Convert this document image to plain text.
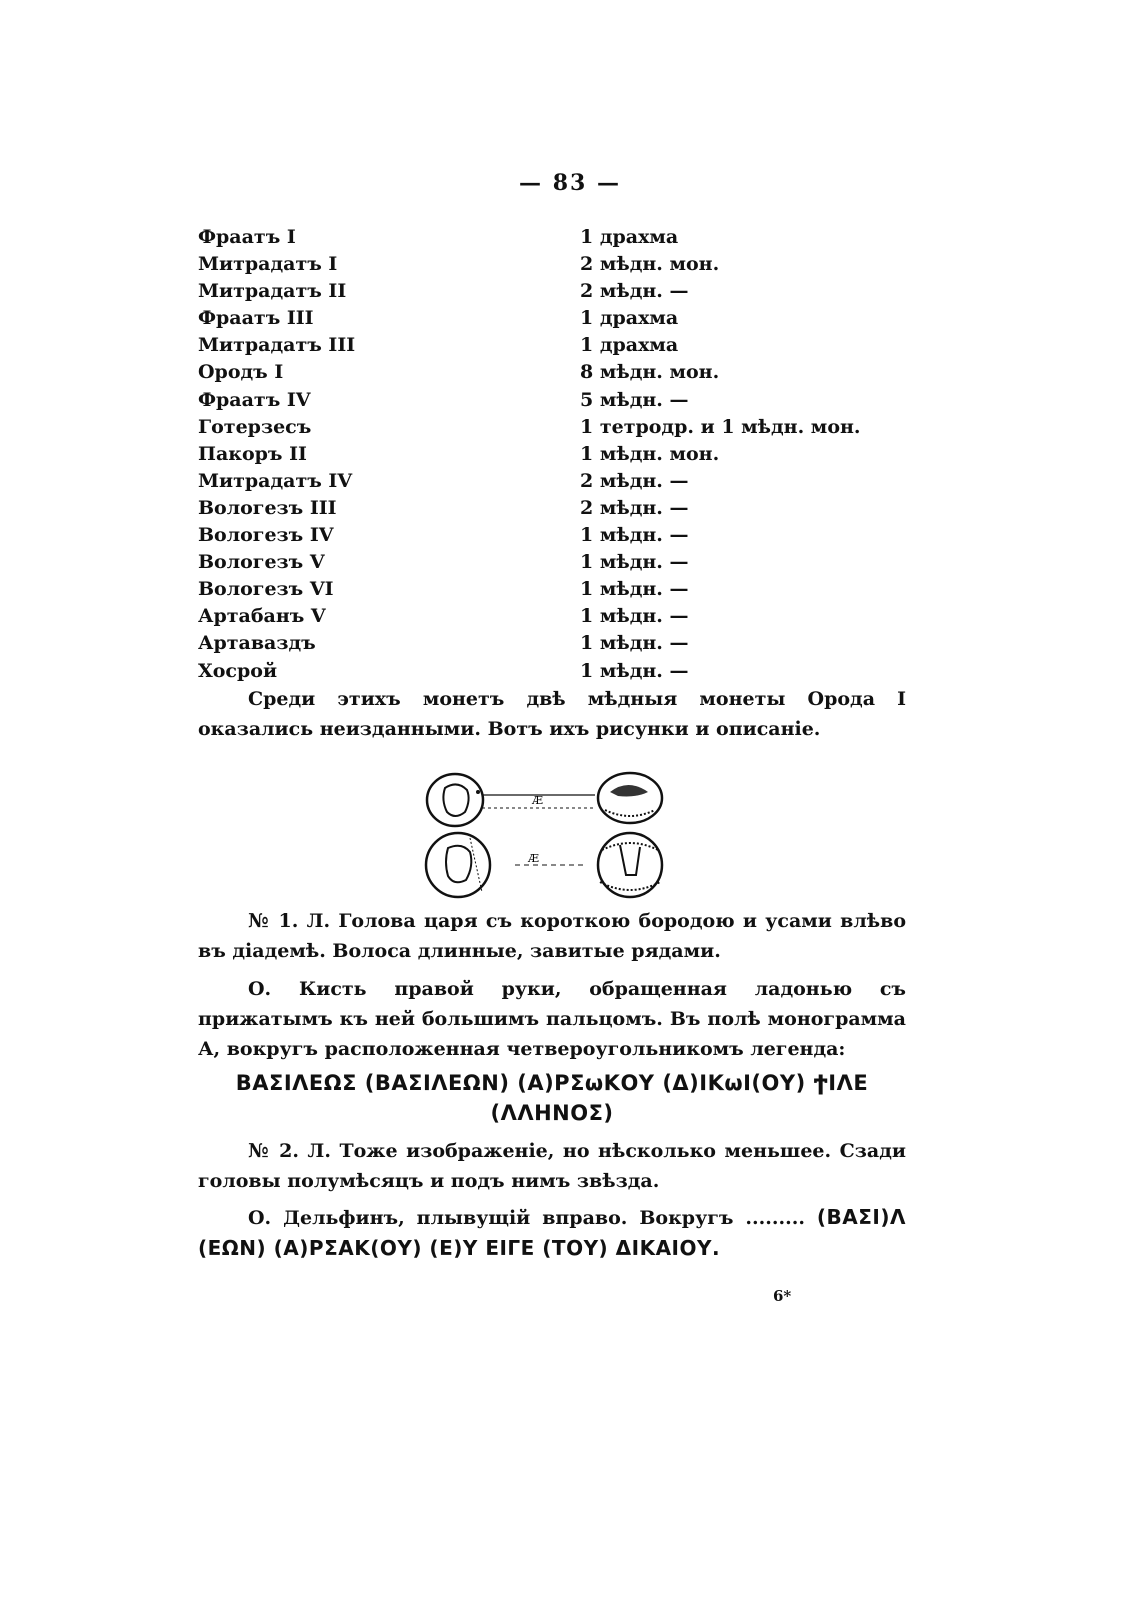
— 83 —
Фраатъ I	1 драхма
Митрадатъ I	2 мѣдн. мон.
Митрадатъ II	2 мѣдн. —
Фраатъ III	1 драхма
Митрадатъ III	1 драхма
Ородъ I	8 мѣдн. мон.
Фраатъ IV	5 мѣдн. —
Готерзесъ	1 тетродр. и 1 мѣдн. мон.
Пакоръ II	1 мѣдн. мон.
Митрадатъ IV	2 мѣдн. —
Вологезъ III	2 мѣдн. —
Вологезъ IV	1 мѣдн. —
Вологезъ V	1 мѣдн. —
Вологезъ VI	1 мѣдн. —
Артабанъ V	1 мѣдн. —
Артаваздъ	1 мѣдн. —
Хосрой	1 мѣдн. —
Среди этихъ монетъ двѣ мѣдныя монеты Орода I оказались неизданными. Вотъ ихъ рисунки и описаніе.
Æ
Æ
№ 1. Л. Голова царя съ короткою бородою и усами влѣво въ діадемѣ. Волоса длинные, завитые рядами.
О. Кисть правой руки, обращенная ладонью съ прижатымъ къ ней большимъ пальцомъ. Въ полѣ монограмма А, вокругъ расположенная четвероугольникомъ легенда:
ΒΑΣΙΛΕΩΣ (ΒΑΣΙΛΕΩΝ) (Α)ΡΣωΚΟΥ (Δ)ΙΚωΙ(ΟΥ) ϮΙΛΕ
(ΛΛΗΝΟΣ)
№ 2. Л. Тоже изображеніе, но нѣсколько меньшее. Сзади головы полумѣсяцъ и подъ нимъ звѣзда.
О. Дельфинъ, плывущій вправо. Вокругъ ......... (ΒΑΣΙ)Λ (ΕΩΝ) (Α)ΡΣΑΚ(ΟΥ) (Ε)Υ ΕΙΓΕ (ΤΟΥ) ΔΙΚΑΙΟΥ.
6*
